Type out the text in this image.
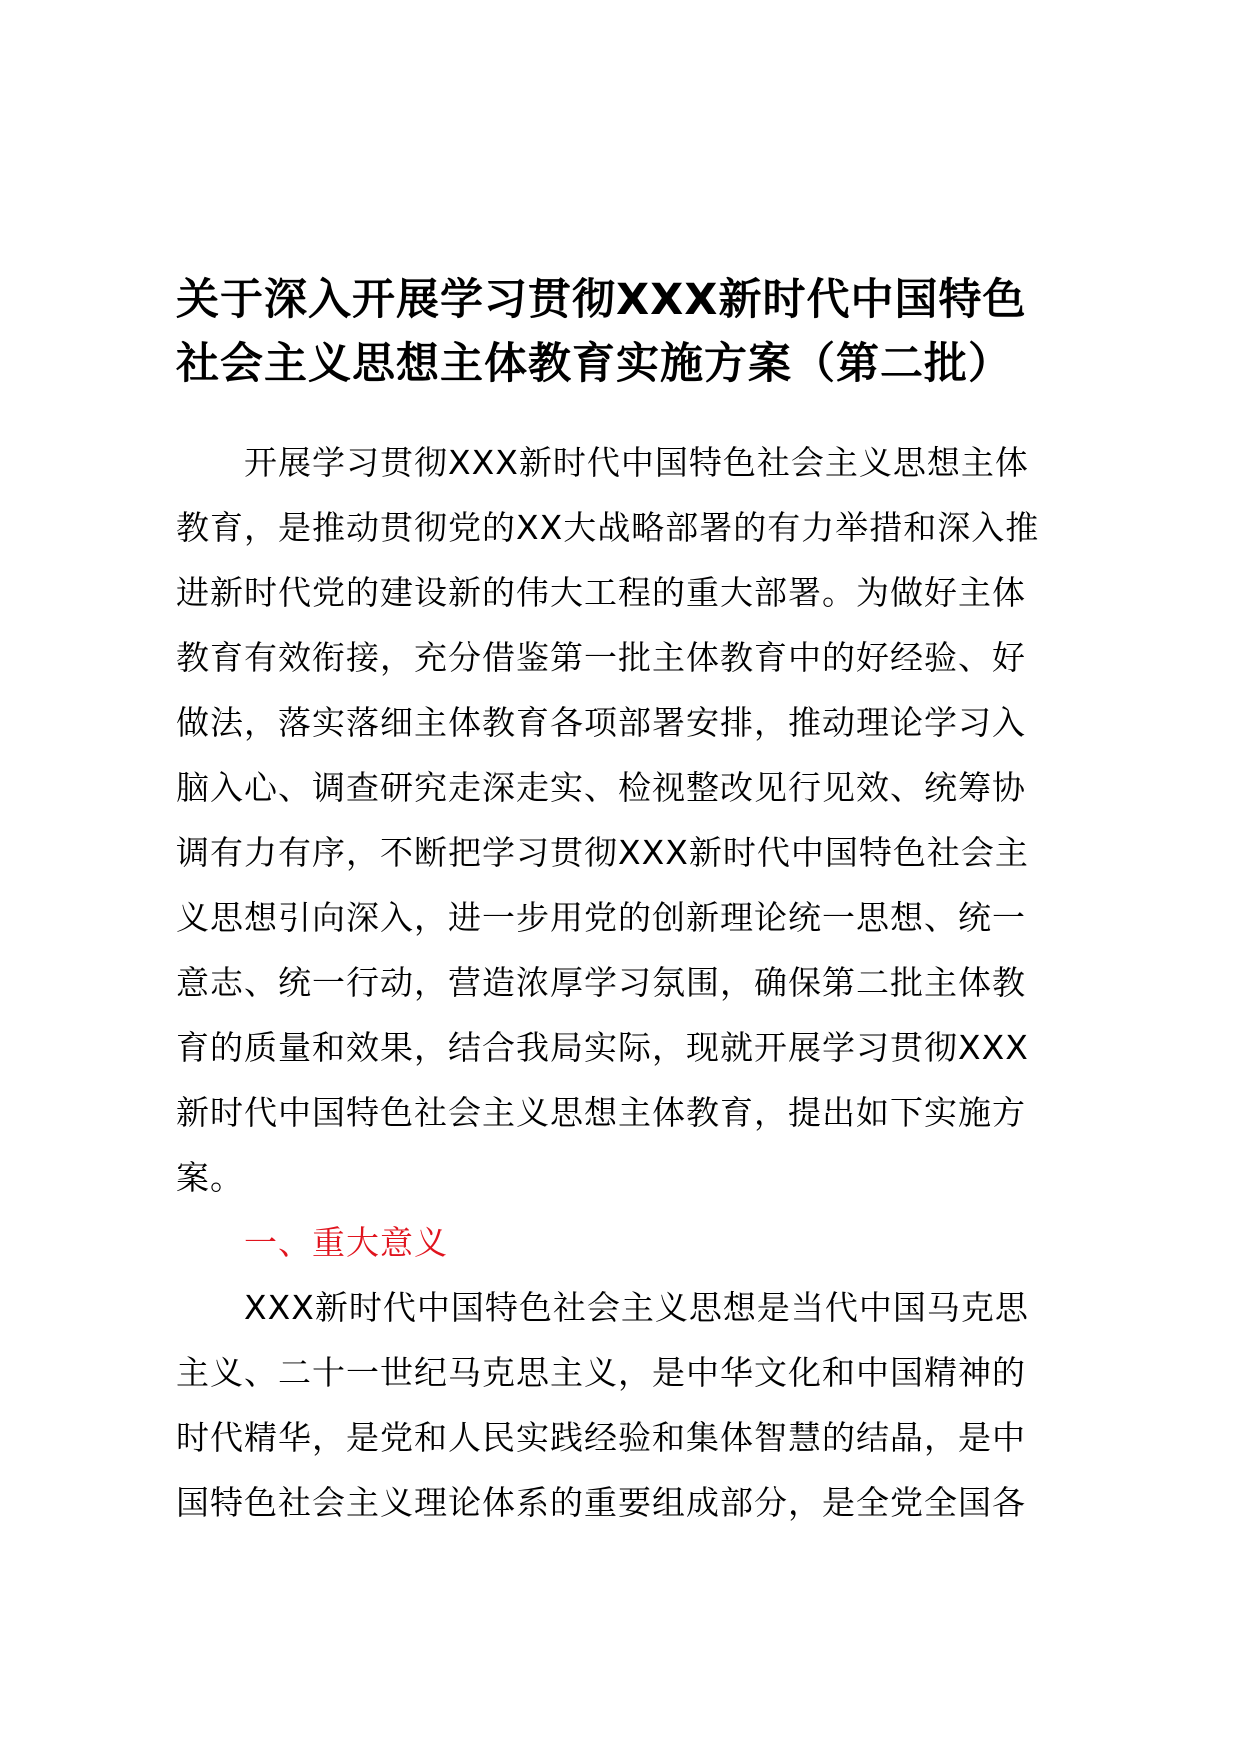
关于深入开展学习贯彻XXX新时代中国特色
社会主义思想主体教育实施方案（第二批）
开展学习贯彻XXX新时代中国特色社会主义思想主体
教育，是推动贯彻党的XX大战略部署的有力举措和深入推
进新时代党的建设新的伟大工程的重大部署。为做好主体
教育有效衔接，充分借鉴第一批主体教育中的好经验、好
做法，落实落细主体教育各项部署安排，推动理论学习入
脑入心、调查研究走深走实、检视整改见行见效、统筹协
调有力有序，不断把学习贯彻XXX新时代中国特色社会主
义思想引向深入，进一步用党的创新理论统一思想、统一
意志、统一行动，营造浓厚学习氛围，确保第二批主体教
育的质量和效果，结合我局实际，现就开展学习贯彻XXX
新时代中国特色社会主义思想主体教育，提出如下实施方
案。
一、重大意义
XXX新时代中国特色社会主义思想是当代中国马克思
主义、二十一世纪马克思主义，是中华文化和中国精神的
时代精华，是党和人民实践经验和集体智慧的结晶，是中
国特色社会主义理论体系的重要组成部分，是全党全国各
